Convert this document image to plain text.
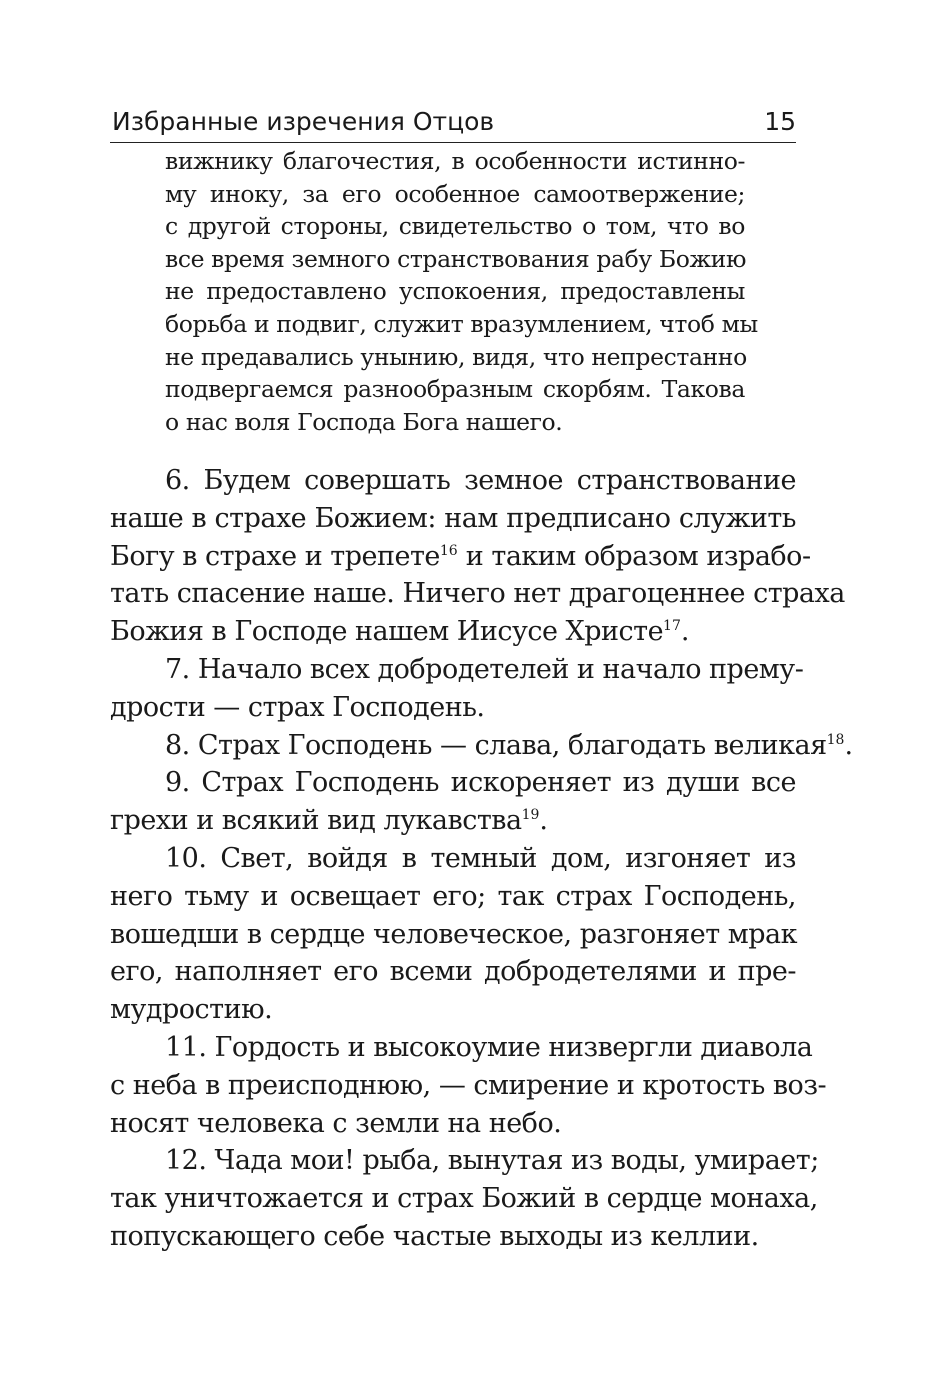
Избранные изречения Отцов	15
вижнику благочестия, в особенности истинно-
му иноку, за его особенное самоотвержение;
с другой стороны, свидетельство о том, что во
все время земного странствования рабу Божию
не предоставлено успокоения, предоставлены
борьба и подвиг, служит вразумлением, чтоб мы
не предавались унынию, видя, что непрестанно
подвергаемся разнообразным скорбям. Такова
о нас воля Господа Бога нашего.
6. Будем совершать земное странствование
наше в страхе Божием: нам предписано служить
Богу в страхе и трепете$^{16}$ и таким образом израбо-
тать спасение наше. Ничего нет драгоценнее страха
Божия в Господе нашем Иисусе Христе$^{17}$.
7. Начало всех добродетелей и начало прему-
дрости — страх Господень.
8. Страх Господень — слава, благодать великая$^{18}$.
9. Страх Господень искореняет из души все
грехи и всякий вид лукавства$^{19}$.
10. Свет, войдя в темный дом, изгоняет из
него тьму и освещает его; так страх Господень,
вошедши в сердце человеческое, разгоняет мрак
его, наполняет его всеми добродетелями и пре-
мудростию.
11. Гордость и высокоумие низвергли диавола
с неба в преисподнюю, — смирение и кротость воз-
носят человека с земли на небо.
12. Чада мои! рыба, вынутая из воды, умирает;
так уничтожается и страх Божий в сердце монаха,
попускающего себе частые выходы из келлии.
